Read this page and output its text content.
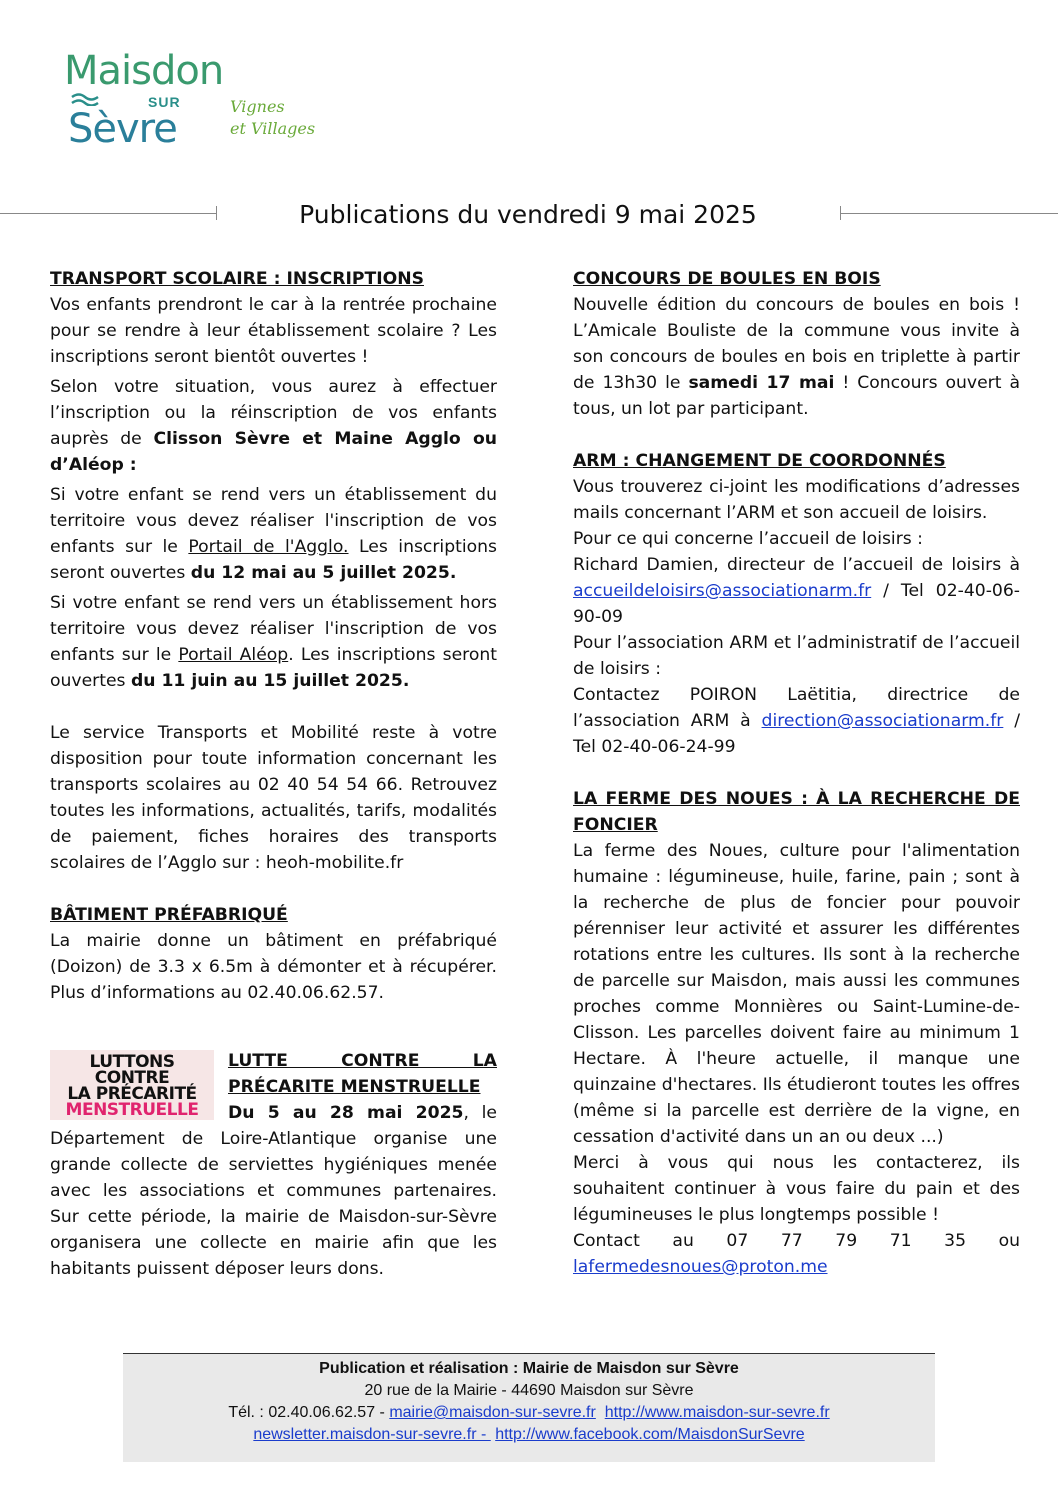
Maisdon
SUR
Sèvre	Vignes
et Villages
Publications du vendredi 9 mai 2025
TRANSPORT SCOLAIRE : INSCRIPTIONS

Vos enfants prendront le car à la rentrée prochaine pour se rendre à leur établissement scolaire ? Les inscriptions seront bientôt ouvertes !

Selon votre situation, vous aurez à effectuer l’inscription ou la réinscription de vos enfants auprès de Clisson Sèvre et Maine Agglo ou d’Aléop :

Si votre enfant se rend vers un établissement du territoire vous devez réaliser l'inscription de vos enfants sur le Portail de l'Agglo. Les inscriptions seront ouvertes du 12 mai au 5 juillet 2025.

Si votre enfant se rend vers un établissement hors territoire vous devez réaliser l'inscription de vos enfants sur le Portail Aléop. Les inscriptions seront ouvertes du 11 juin au 15 juillet 2025.

Le service Transports et Mobilité reste à votre disposition pour toute information concernant les transports scolaires au 02 40 54 54 66. Retrouvez toutes les informations, actualités, tarifs, modalités de paiement, fiches horaires des transports scolaires de l’Agglo sur : heoh-mobilite.fr

BÂTIMENT PRÉFABRIQUÉ

La mairie donne un bâtiment en préfabriqué (Doizon) de 3.3 x 6.5m à démonter et à récupérer. Plus d’informations au 02.40.06.62.57.

LUTTONS
CONTRE
LA PRÉCARITÉ
MENSTRUELLE

LUTTE CONTRE LA PRÉCARITE MENSTRUELLE

Du 5 au 28 mai 2025, le Département de Loire-Atlantique organise une grande collecte de serviettes hygiéniques menée avec les associations et communes partenaires. Sur cette période, la mairie de Maisdon-sur-Sèvre organisera une collecte en mairie afin que les habitants puissent déposer leurs dons.

CONCOURS DE BOULES EN BOIS

Nouvelle édition du concours de boules en bois ! L’Amicale Bouliste de la commune vous invite à son concours de boules en bois en triplette à partir de 13h30 le samedi 17 mai ! Concours ouvert à tous, un lot par participant.

ARM : CHANGEMENT DE COORDONNÉS

Vous trouverez ci-joint les modifications d’adresses mails concernant l’ARM et son accueil de loisirs.

Pour ce qui concerne l’accueil de loisirs :

Richard Damien, directeur de l’accueil de loisirs à accueildeloisirs@associationarm.fr / Tel 02-40-06-90-09

Pour l’association ARM et l’administratif de l’accueil de loisirs :

Contactez POIRON Laëtitia, directrice de l’association ARM à direction@associationarm.fr / Tel 02-40-06-24-99

LA FERME DES NOUES : À LA RECHERCHE DE FONCIER

La ferme des Noues, culture pour l'alimentation humaine : légumineuse, huile, farine, pain ; sont à la recherche de plus de foncier pour pouvoir pérenniser leur activité et assurer les différentes rotations entre les cultures. Ils sont à la recherche de parcelle sur Maisdon, mais aussi les communes proches comme Monnières ou Saint-Lumine-de-Clisson. Les parcelles doivent faire au minimum 1 Hectare. À l'heure actuelle, il manque une quinzaine d'hectares. Ils étudieront toutes les offres (même si la parcelle est derrière de la vigne, en cessation d'activité dans un an ou deux ...)

Merci à vous qui nous les contacterez, ils souhaitent continuer à vous faire du pain et des légumineuses le plus longtemps possible !

Contact au 07 77 79 71 35 ou lafermedesnoues@proton.me

Publication et réalisation : Mairie de Maisdon sur Sèvre
20 rue de la Mairie - 44690 Maisdon sur Sèvre
Tél. : 02.40.06.62.57 - mairie@maisdon-sur-sevre.fr http://www.maisdon-sur-sevre.fr
newsletter.maisdon-sur-sevre.fr -  http://www.facebook.com/MaisdonSurSevre
